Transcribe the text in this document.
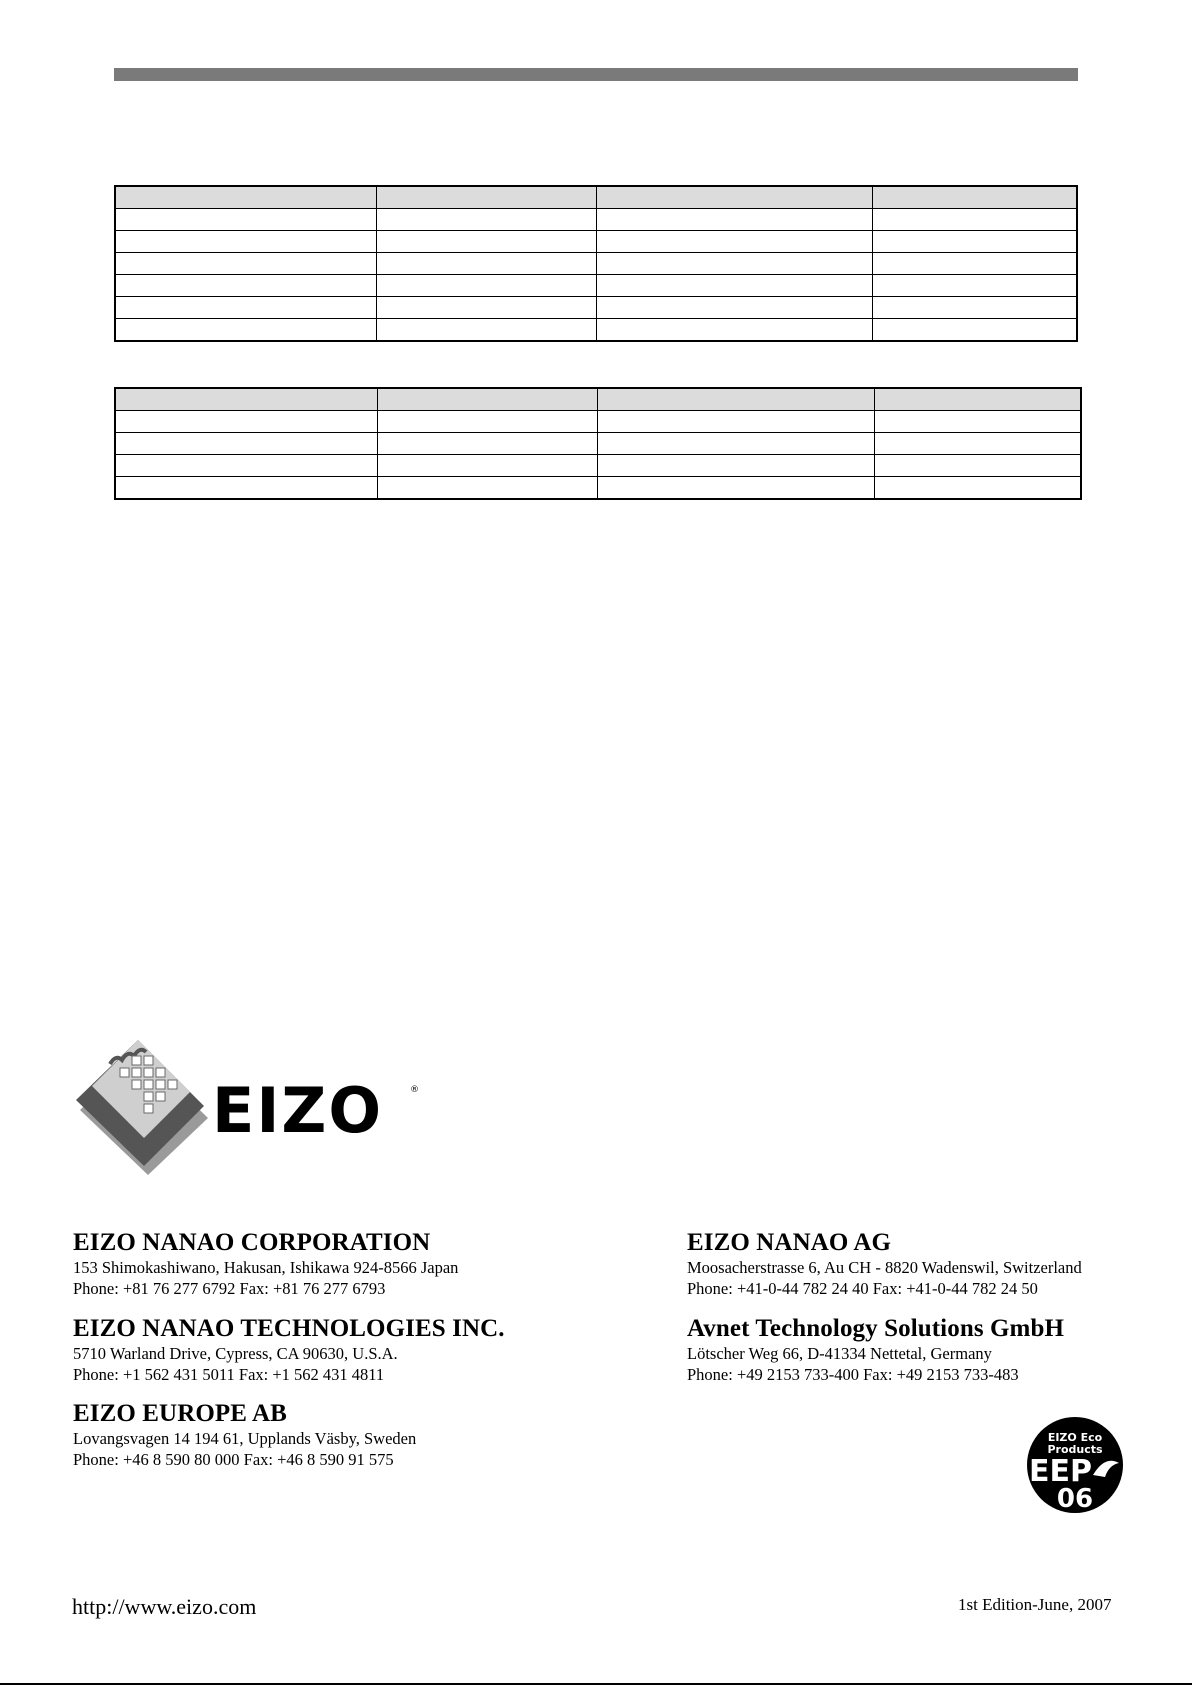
EIZO	®
EIZO NANAO CORPORATION
153 Shimokashiwano, Hakusan, Ishikawa 924-8566 Japan
Phone: +81 76 277 6792 Fax: +81 76 277 6793
EIZO NANAO TECHNOLOGIES INC.
5710 Warland Drive, Cypress, CA 90630, U.S.A.
Phone: +1 562 431 5011 Fax: +1 562 431 4811
EIZO EUROPE AB
Lovangsvagen 14 194 61, Upplands Väsby, Sweden
Phone: +46 8 590 80 000 Fax: +46 8 590 91 575
EIZO NANAO AG
Moosacherstrasse 6, Au CH - 8820 Wadenswil, Switzerland
Phone: +41-0-44 782 24 40 Fax: +41-0-44 782 24 50
Avnet Technology Solutions GmbH
Lötscher Weg 66, D-41334 Nettetal, Germany
Phone: +49 2153 733-400 Fax: +49 2153 733-483
EIZO Eco
Products
EEP
06
http://www.eizo.com	1st Edition-June, 2007
